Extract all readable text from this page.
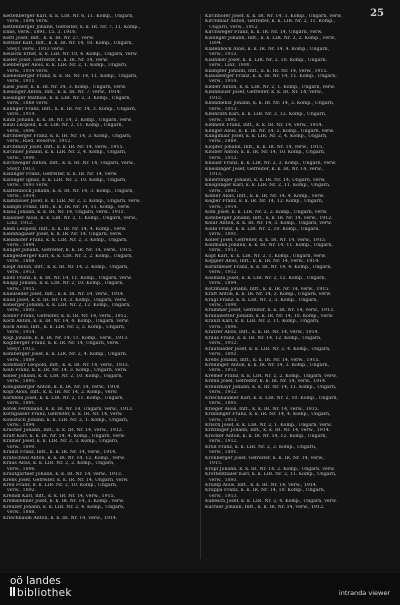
25
Kettenberger Karl, k. k. LIR. Nr. 6, 11. Komp., Ungarn,
verw., 1896 verw.
Kettenberger Johann, Gefreiter, k. k. IR. Nr. 7, 11. Komp.,
Enns, verw., 1891, 15. 3. 1916.
Kettl Josef, Inft., k. k. IR. Nr. 27, verw.
Kettner Karl, Inft., k. k. IR. Nr. 14, 10. Komp., Ungarn,
Steyr, verw., 1913 verw.
Keuschl Ernst, k. k. LIR. Nr. 10, 4. Komp., Ungarn, verw.
Kiefer Josef, Gefreiter, k. k. IR. Nr. 14, verw.
Kienberger Alois, k. k. LIR. Nr. 2, 1. Komp., Ungarn,
verw., 1914 verw.
Kienesberger Franz, k. k. IR. Nr. 14, 11. Komp., Ungarn,
verw., 1911.
Kiesl Josef, k. k. IR. Nr. 34, 3. Komp., Ungarn, verw.
Kiesinger Anton, Inft., k. k. IR. Nr. 7, verw., 1914.
Kiesinger Mathias, k. k. LIR. Nr. 2, 3. Komp., Ungarn,
verw., 1888 verw.
Killinger Franz, Inft., k. k. IR. Nr. 14, 3. Komp., Ungarn,
verw., 1914.
Kindl Johann, k. k. IR. Nr. 14, 2. Komp., Ungarn, verw.
Kinzl Leopold, k. k. LIR. Nr. 2, 11. Komp., Ungarn,
verw., 1896.
Kirchberger Franz, k. k. IR. Nr. 14, 3. Komp., Ungarn,
verw., Ried, Reserve, 1912.
Kirchmayr Josef, Inft., k. k. IR. Nr. 14, verw., 1915.
Kirchner Johann, k. k. LIR. Nr. 2, 4. Komp., Ungarn,
verw., 1890.
Kirchweger Anton, Inft., k. k. IR. Nr. 14, Ungarn, verw.,
Steyr, 1913.
Kislinger Franz, Gefreiter, k. k. IR. Nr. 14, verw.
Kislinger Ignaz, k. k. LIR. Nr. 2, 10. Komp., Ungarn,
verw., 1893 verw.
Klaffenböck Johann, k. k. IR. Nr. 14, 3. Komp., Ungarn,
verw., 1914.
Klambauer Josef, k. k. LIR. Nr. 2, 2. Komp., Ungarn, verw.
Klampfl Franz, Inft., k. k. IR. Nr. 14, 11. Komp., verw.
Klaus Johann, k. k. IR. Nr. 14, Ungarn, verw., 1911.
Klausner Alois, k. k. LIR. Nr. 2, 1. Komp., Ungarn, verw.,
Linz, 1912.
Klein Leopold, Inft., k. k. IR. Nr. 14, 4. Komp., verw.
Kleinhagauer Josef, k. k. IR. Nr. 14, Ungarn, verw.
Kleinhofer Franz, k. k. LIR. Nr. 2, 3. Komp., Ungarn,
verw., 1894.
Klinger Johann, Gefreiter, k. k. IR. Nr. 14, verw., 1915.
Klingesberger Karl, k. k. LIR. Nr. 2, 2. Komp., Ungarn,
verw., 1888.
Klopf Anton, Inft., k. k. IR. Nr. 14, 2. Komp., Ungarn,
verw., 1913.
Klotz Franz, k. k. IR. Nr. 14, 11. Komp., Ungarn, verw.
Knapp Johann, k. k. LIR. Nr. 2, 10. Komp., Ungarn,
verw., 1915.
Knauseder Josef, Inft., k. k. IR. Nr. 14, verw., 1914.
Knoll Josef, k. k. IR. Nr. 14, 3. Komp., Ungarn, verw.
Koberger Johann, k. k. LIR. Nr. 2, 12. Komp., Ungarn,
verw., 1893.
Kobler Franz, Gefreiter, k. k. IR. Nr. 14, verw., 1912.
Koch Anton, k. k. IR. Nr. 14, 4. Komp., Ungarn, verw.
Köck Alois, Inft., k. k. LIR. Nr. 2, 2. Komp., Ungarn,
verw., 1914.
Kögl Johann, k. k. IR. Nr. 14, 11. Komp., verw., 1913.
Köglberger Franz, k. k. IR. Nr. 14, Ungarn, verw.,
Steyr, 1912.
Kohlberger Josef, k. k. LIR. Nr. 2, 4. Komp., Ungarn,
verw., 1889.
Kohlmayr Leopold, Inft., k. k. IR. Nr. 14, verw., 1915.
Kolb Franz, k. k. IR. Nr. 14, 3. Komp., Ungarn, verw.
Koller Johann, k. k. LIR. Nr. 2, 10. Komp., Ungarn,
verw., 1895.
Königsberger Anton, k. k. IR. Nr. 14, verw., 1914.
Kopf Alois, Inft., k. k. IR. Nr. 14, 2. Komp., verw.
Kornfehl Josef, k. k. LIR. Nr. 2, 11. Komp., Ungarn,
verw., 1891.
Kotek Ferdinand, k. k. IR. Nr. 14, Ungarn, verw., 1913.
Kothgasser Franz, Gefreiter, k. k. IR. Nr. 14, verw.
Kowatsch Johann, k. k. LIR. Nr. 2, 1. Komp., Ungarn,
verw., 1894.
Kracher Johann, Inft., k. k. IR. Nr. 14, verw., 1912.
Kraft Karl, k. k. IR. Nr. 14, 4. Komp., Ungarn, verw.
Kramer Josef, k. k. LIR. Nr. 2, 3. Komp., Ungarn,
verw., 1890.
Kranzl Franz, Inft., k. k. IR. Nr. 14, verw., 1914.
Kratochwil Anton, k. k. IR. Nr. 14, 12. Komp., verw.
Kraus Alois, k. k. LIR. Nr. 2, 2. Komp., Ungarn,
verw., 1896.
Krautgartner Johann, k. k. IR. Nr. 14, verw., 1913.
Krebs Josef, Gefreiter, k. k. IR. Nr. 14, Ungarn, verw.
Kreil Franz, k. k. LIR. Nr. 2, 10. Komp., Ungarn,
verw., 1892.
Kreindl Karl, Inft., k. k. IR. Nr. 14, verw., 1915.
Kremslehner Josef, k. k. IR. Nr. 14, 3. Komp., verw.
Kreuzer Johann, k. k. LIR. Nr. 2, 4. Komp., Ungarn,
verw., 1888.
Kriechbaum Anton, k. k. IR. Nr. 14, verw., 1914.
Kirchhofer Josef, k. k. IR. Nr. 14, 3. Komp., Ungarn, verw.
Kirchmair Anton, Gefreiter, k. k. LIR. Nr. 2, 11. Komp.,
Ungarn, verw., 1912.
Kirchweger Franz, k. k. IR. Nr. 14, Ungarn, verw.
Kislinger Johann, Inft., k. k. LIR. Nr. 2, 2. Komp., verw.,
1894.
Klafenböck Alois, k. k. IR. Nr. 14, 4. Komp., Ungarn,
verw., 1913.
Klammer Josef, k. k. LIR. Nr. 2, 10. Komp., Ungarn,
verw., Linz, 1890.
Klampfer Johann, Inft., k. k. IR. Nr. 14, verw., 1915.
Klausberger Franz, k. k. IR. Nr. 14, 11. Komp., Ungarn,
verw., 1914.
Kleber Anton, k. k. LIR. Nr. 2, 1. Komp., Ungarn, verw.
Kleinbauer Josef, Gefreiter, k. k. IR. Nr. 14, verw.,
1912.
Kleindienst Johann, k. k. IR. Nr. 14, 3. Komp., Ungarn,
verw., 1913.
Kleinrath Karl, k. k. LIR. Nr. 2, 12. Komp., Ungarn,
verw., 1895.
Klement Franz, Inft., k. k. IR. Nr. 14, verw., 1914.
Klinger Alois, k. k. IR. Nr. 14, 2. Komp., Ungarn, verw.
Klinglmair Josef, k. k. LIR. Nr. 2, 4. Komp., Ungarn,
verw., 1889.
Klopfer Johann, Inft., k. k. IR. Nr. 14, verw., 1915.
Kloiber Anton, k. k. IR. Nr. 14, 10. Komp., Ungarn,
verw., 1912.
Knauer Franz, k. k. LIR. Nr. 2, 3. Komp., Ungarn, verw.
Kneidinger Josef, Gefreiter, k. k. IR. Nr. 14, verw.,
1913.
Knierzinger Johann, k. k. IR. Nr. 14, Ungarn, verw.
Knoglinger Karl, k. k. LIR. Nr. 2, 11. Komp., Ungarn,
verw., 1893.
Kobler Alois, Inft., k. k. IR. Nr. 14, 4. Komp., verw.
Kogler Franz, k. k. IR. Nr. 14, 12. Komp., Ungarn,
verw., 1914.
Kohl Josef, k. k. LIR. Nr. 2, 2. Komp., Ungarn, verw.
Kohlberger Johann, Inft., k. k. IR. Nr. 14, verw., 1912.
Kolar Anton, k. k. IR. Nr. 14, 3. Komp., Ungarn, verw.
Kölbl Franz, k. k. LIR. Nr. 2, 10. Komp., Ungarn,
verw., 1891.
Koller Josef, Gefreiter, k. k. IR. Nr. 14, verw., 1915.
Kollmann Johann, k. k. IR. Nr. 14, 11. Komp., Ungarn,
verw., 1913.
Köpf Karl, k. k. LIR. Nr. 2, 1. Komp., Ungarn, verw.
Koppler Alois, Inft., k. k. IR. Nr. 14, verw., 1914.
Korntheuer Franz, k. k. IR. Nr. 14, 4. Komp., Ungarn,
verw., 1912.
Kosmata Josef, k. k. LIR. Nr. 2, 12. Komp., Ungarn,
verw., 1894.
Kotzmann Johann, Inft., k. k. IR. Nr. 14, verw., 1915.
Kraft Anton, k. k. IR. Nr. 14, 2. Komp., Ungarn, verw.
Kragl Franz, k. k. LIR. Nr. 2, 3. Komp., Ungarn,
verw., 1890.
Krammer Josef, Gefreiter, k. k. IR. Nr. 14, verw., 1913.
Kranawetter Johann, k. k. IR. Nr. 14, 10. Komp., verw.
Kranzl Karl, k. k. LIR. Nr. 2, 11. Komp., Ungarn,
verw., 1896.
Kratzer Alois, Inft., k. k. IR. Nr. 14, verw., 1914.
Kraus Franz, k. k. IR. Nr. 14, 12. Komp., Ungarn,
verw., 1912.
Krautsieder Josef, k. k. LIR. Nr. 2, 4. Komp., Ungarn,
verw., 1892.
Krebs Johann, Inft., k. k. IR. Nr. 14, verw., 1915.
Kreilinger Anton, k. k. IR. Nr. 14, 3. Komp., Ungarn,
verw., 1913.
Kremer Franz, k. k. LIR. Nr. 2, 2. Komp., Ungarn, verw.
Krenn Josef, Gefreiter, k. k. IR. Nr. 14, verw., 1914.
Kreuzmayr Johann, k. k. IR. Nr. 14, 11. Komp., Ungarn,
verw., 1912.
Kriechbaumer Karl, k. k. LIR. Nr. 2, 10. Komp., Ungarn,
verw., 1895.
Krieger Alois, Inft., k. k. IR. Nr. 14, verw., 1915.
Krinninger Franz, k. k. IR. Nr. 14, 4. Komp., Ungarn,
verw., 1913.
Krisch Josef, k. k. LIR. Nr. 2, 1. Komp., Ungarn, verw.
Kritzinger Johann, Inft., k. k. IR. Nr. 14, verw., 1914.
Krocker Anton, k. k. IR. Nr. 14, 12. Komp., Ungarn,
verw., 1912.
Kröll Franz, k. k. LIR. Nr. 2, 3. Komp., Ungarn,
verw., 1891.
Kronberger Josef, Gefreiter, k. k. IR. Nr. 14, verw.,
1915.
Kropf Johann, k. k. IR. Nr. 14, 2. Komp., Ungarn, verw.
Krottenthaler Karl, k. k. LIR. Nr. 2, 11. Komp., Ungarn,
verw., 1893.
Krump Alois, Inft., k. k. IR. Nr. 14, verw., 1914.
Kruppa Franz, k. k. IR. Nr. 14, 10. Komp., Ungarn,
verw., 1913.
Kubesch Josef, k. k. LIR. Nr. 2, 4. Komp., Ungarn, verw.
Kuchler Johann, Inft., k. k. IR. Nr. 14, verw., 1912.
oö landes
bibliothek	intranda viewer
